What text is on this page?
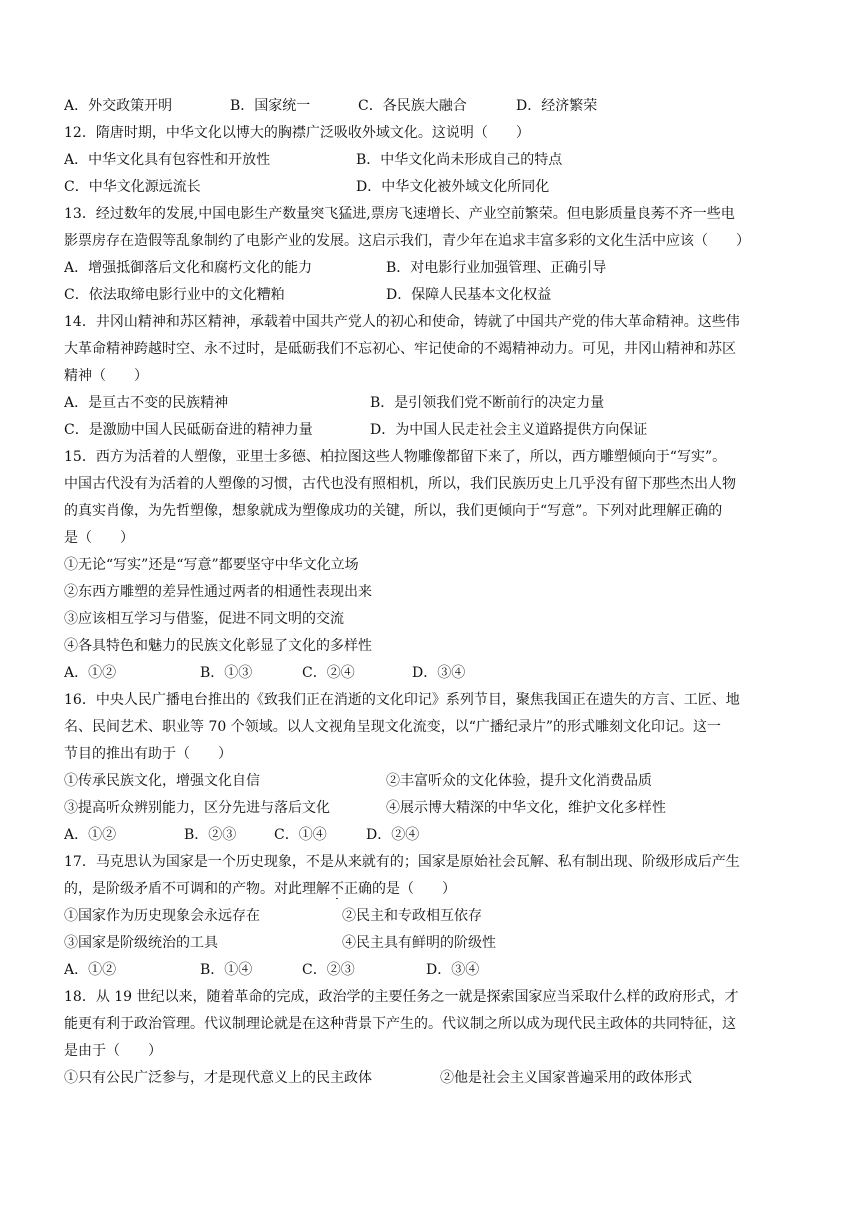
A．外交政策开明	B．国家统一	C．各民族大融合	D．经济繁荣
12．隋唐时期，中华文化以博大的胸襟广泛吸收外域文化。这说明（　　）
A．中华文化具有包容性和开放性	B．中华文化尚未形成自己的特点
C．中华文化源远流长	D．中华文化被外域文化所同化
13．经过数年的发展,中国电影生产数量突飞猛进,票房飞速增长、产业空前繁荣。但电影质量良莠不齐一些电
影票房存在造假等乱象制约了电影产业的发展。这启示我们，青少年在追求丰富多彩的文化生活中应该（　　）
A．增强抵御落后文化和腐朽文化的能力	B．对电影行业加强管理、正确引导
C．依法取缔电影行业中的文化糟粕	D．保障人民基本文化权益
14．井冈山精神和苏区精神，承载着中国共产党人的初心和使命，铸就了中国共产党的伟大革命精神。这些伟
大革命精神跨越时空、永不过时，是砥砺我们不忘初心、牢记使命的不竭精神动力。可见，井冈山精神和苏区
精神（　　）
A．是亘古不变的民族精神	B．是引领我们党不断前行的决定力量
C．是激励中国人民砥砺奋进的精神力量	D．为中国人民走社会主义道路提供方向保证
15．西方为活着的人塑像，亚里士多德、柏拉图这些人物雕像都留下来了，所以，西方雕塑倾向于“写实”。
中国古代没有为活着的人塑像的习惯，古代也没有照相机，所以，我们民族历史上几乎没有留下那些杰出人物
的真实肖像，为先哲塑像，想象就成为塑像成功的关键，所以，我们更倾向于“写意”。下列对此理解正确的
是（　　）
①无论“写实”还是“写意”都要坚守中华文化立场
②东西方雕塑的差异性通过两者的相通性表现出来
③应该相互学习与借鉴，促进不同文明的交流
④各具特色和魅力的民族文化彰显了文化的多样性
A．①②	B．①③	C．②④	D．③④
16．中央人民广播电台推出的《致我们正在消逝的文化印记》系列节目，聚焦我国正在遗失的方言、工匠、地
名、民间艺术、职业等 70 个领域。以人文视角呈现文化流变，以“广播纪录片”的形式雕刻文化印记。这一
节目的推出有助于（　　）
①传承民族文化，增强文化自信	②丰富听众的文化体验，提升文化消费品质
③提高听众辨别能力，区分先进与落后文化	④展示博大精深的中华文化，维护文化多样性
A．①②	B．②③	C．①④	D．②④
17．马克思认为国家是一个历史现象，不是从来就有的；国家是原始社会瓦解、私有制出现、阶级形成后产生
的，是阶级矛盾不可调和的产物。对此理解不正确的是（　　）
①国家作为历史现象会永远存在	②民主和专政相互依存
③国家是阶级统治的工具	④民主具有鲜明的阶级性
A．①②	B．①④	C．②③	D．③④
18．从 19 世纪以来，随着革命的完成，政治学的主要任务之一就是探索国家应当采取什么样的政府形式，才
能更有利于政治管理。代议制理论就是在这种背景下产生的。代议制之所以成为现代民主政体的共同特征，这
是由于（　　）
①只有公民广泛参与，才是现代意义上的民主政体	②他是社会主义国家普遍采用的政体形式
